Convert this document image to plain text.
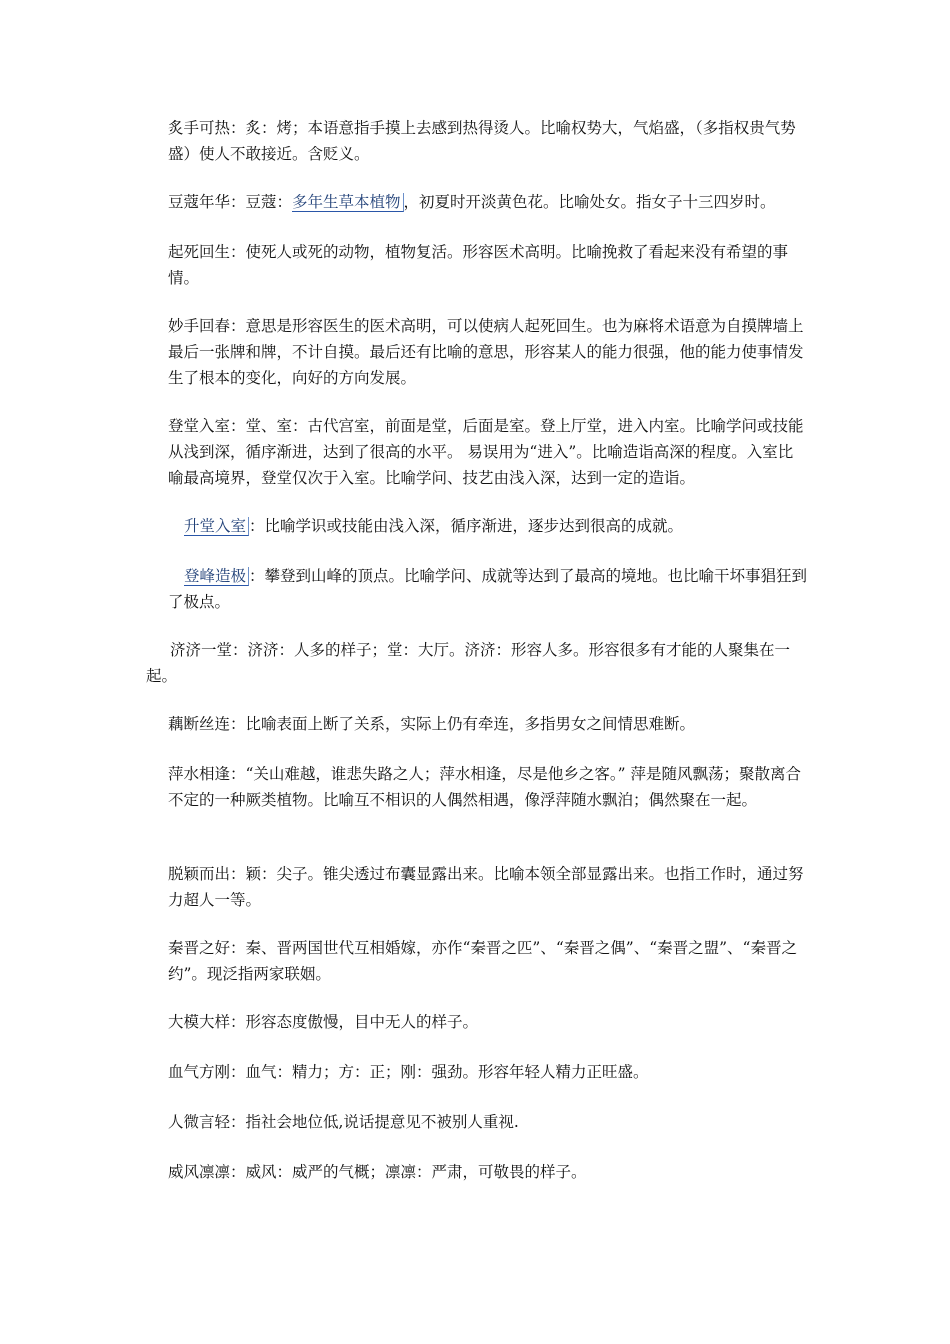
炙手可热：炙：烤；本语意指手摸上去感到热得烫人。比喻权势大，气焰盛，（多指权贵气势盛）使人不敢接近。含贬义。

豆蔻年华：豆蔻：多年生草本植物 ，初夏时开淡黄色花。比喻处女。指女子十三四岁时。

起死回生：使死人或死的动物，植物复活。形容医术高明。比喻挽救了看起来没有希望的事情。

妙手回春：意思是形容医生的医术高明，可以使病人起死回生。也为麻将术语意为自摸牌墙上最后一张牌和牌，不计自摸。最后还有比喻的意思，形容某人的能力很强，他的能力使事情发生了根本的变化，向好的方向发展。

登堂入室：堂、室：古代宫室，前面是堂，后面是室。登上厅堂，进入内室。比喻学问或技能从浅到深，循序渐进，达到了很高的水平。 易误用为“进入”。比喻造诣高深的程度。入室比喻最高境界，登堂仅次于入室。比喻学问、技艺由浅入深，达到一定的造诣。

升堂入室 ：比喻学识或技能由浅入深，循序渐进，逐步达到很高的成就。

登峰造极 ：攀登到山峰的顶点。比喻学问、成就等达到了最高的境地。也比喻干坏事猖狂到了极点。

济济一堂：济济：人多的样子；堂：大厅。济济：形容人多。形容很多有才能的人聚集在一起。

藕断丝连：比喻表面上断了关系，实际上仍有牵连，多指男女之间情思难断。

萍水相逢：“关山难越，谁悲失路之人；萍水相逢，尽是他乡之客。” 萍是随风飘荡；聚散离合不定的一种厥类植物。比喻互不相识的人偶然相遇，像浮萍随水飘泊；偶然聚在一起。

脱颖而出：颖：尖子。锥尖透过布囊显露出来。比喻本领全部显露出来。也指工作时，通过努力超人一等。

秦晋之好：秦、晋两国世代互相婚嫁，亦作“秦晋之匹”、“秦晋之偶”、“秦晋之盟”、“秦晋之约”。现泛指两家联姻。

大模大样：形容态度傲慢，目中无人的样子。

血气方刚：血气：精力；方：正；刚：强劲。形容年轻人精力正旺盛。

人微言轻：指社会地位低,说话提意见不被别人重视.

威风凛凛：威风：威严的气概；凛凛：严肃，可敬畏的样子。
